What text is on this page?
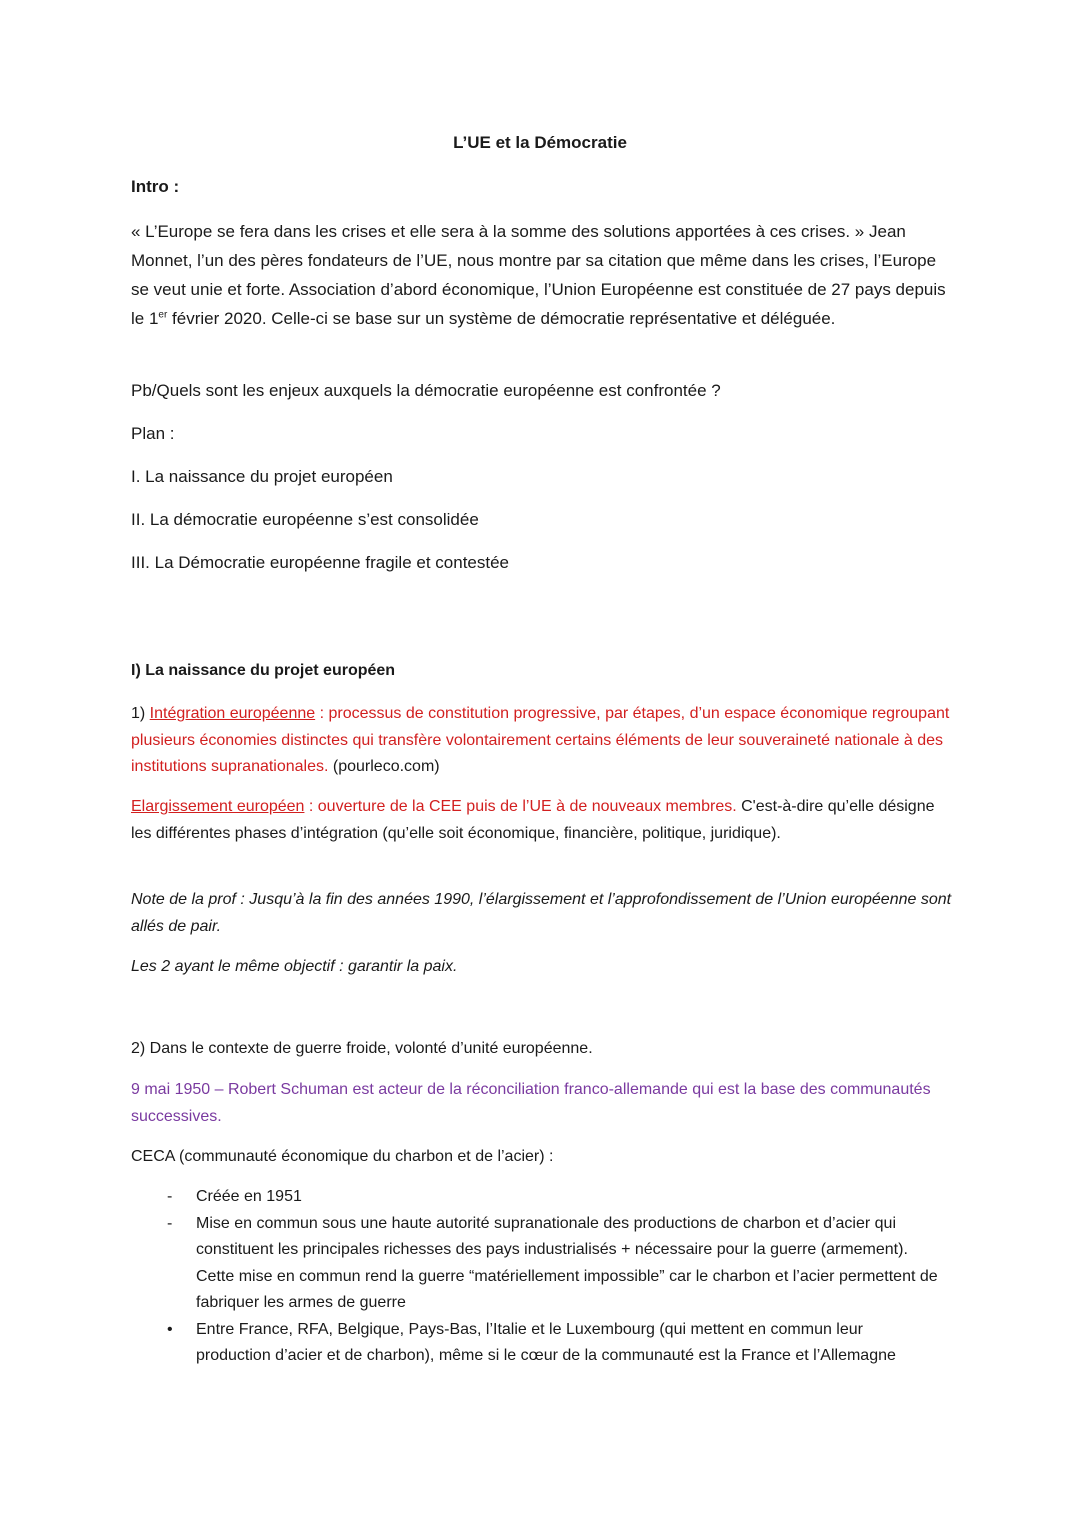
L’UE et la Démocratie
Intro :
« L’Europe se fera dans les crises et elle sera à la somme des solutions apportées à ces crises. » Jean Monnet, l’un des pères fondateurs de l’UE, nous montre par sa citation que même dans les crises, l’Europe se veut unie et forte. Association d’abord économique, l’Union Européenne est constituée de 27 pays depuis le 1er février 2020. Celle-ci se base sur un système de démocratie représentative et déléguée.
Pb/Quels sont les enjeux auxquels la démocratie européenne est confrontée ?
Plan :
I. La naissance du projet européen
II. La démocratie européenne s’est consolidée
III. La Démocratie européenne fragile et contestée
I) La naissance du projet européen
1) Intégration européenne : processus de constitution progressive, par étapes, d’un espace économique regroupant plusieurs économies distinctes qui transfère volontairement certains éléments de leur souveraineté nationale à des institutions supranationales. (pourleco.com)
Elargissement européen : ouverture de la CEE puis de l’UE à de nouveaux membres. C'est-à-dire qu’elle désigne les différentes phases d’intégration (qu’elle soit économique, financière, politique, juridique).
Note de la prof : Jusqu’à la fin des années 1990, l’élargissement et l’approfondissement de l’Union européenne sont allés de pair.
Les 2 ayant le même objectif : garantir la paix.
2) Dans le contexte de guerre froide, volonté d’unité européenne.
9 mai 1950 – Robert Schuman est acteur de la réconciliation franco-allemande qui est la base des communautés successives.
CECA (communauté économique du charbon et de l’acier) :
- Créée en 1951
- Mise en commun sous une haute autorité supranationale des productions de charbon et d’acier qui constituent les principales richesses des pays industrialisés + nécessaire pour la guerre (armement). Cette mise en commun rend la guerre “matériellement impossible” car le charbon et l’acier permettent de fabriquer les armes de guerre
• Entre France, RFA, Belgique, Pays-Bas, l’Italie et le Luxembourg (qui mettent en commun leur production d’acier et de charbon), même si le cœur de la communauté est la France et l’Allemagne
